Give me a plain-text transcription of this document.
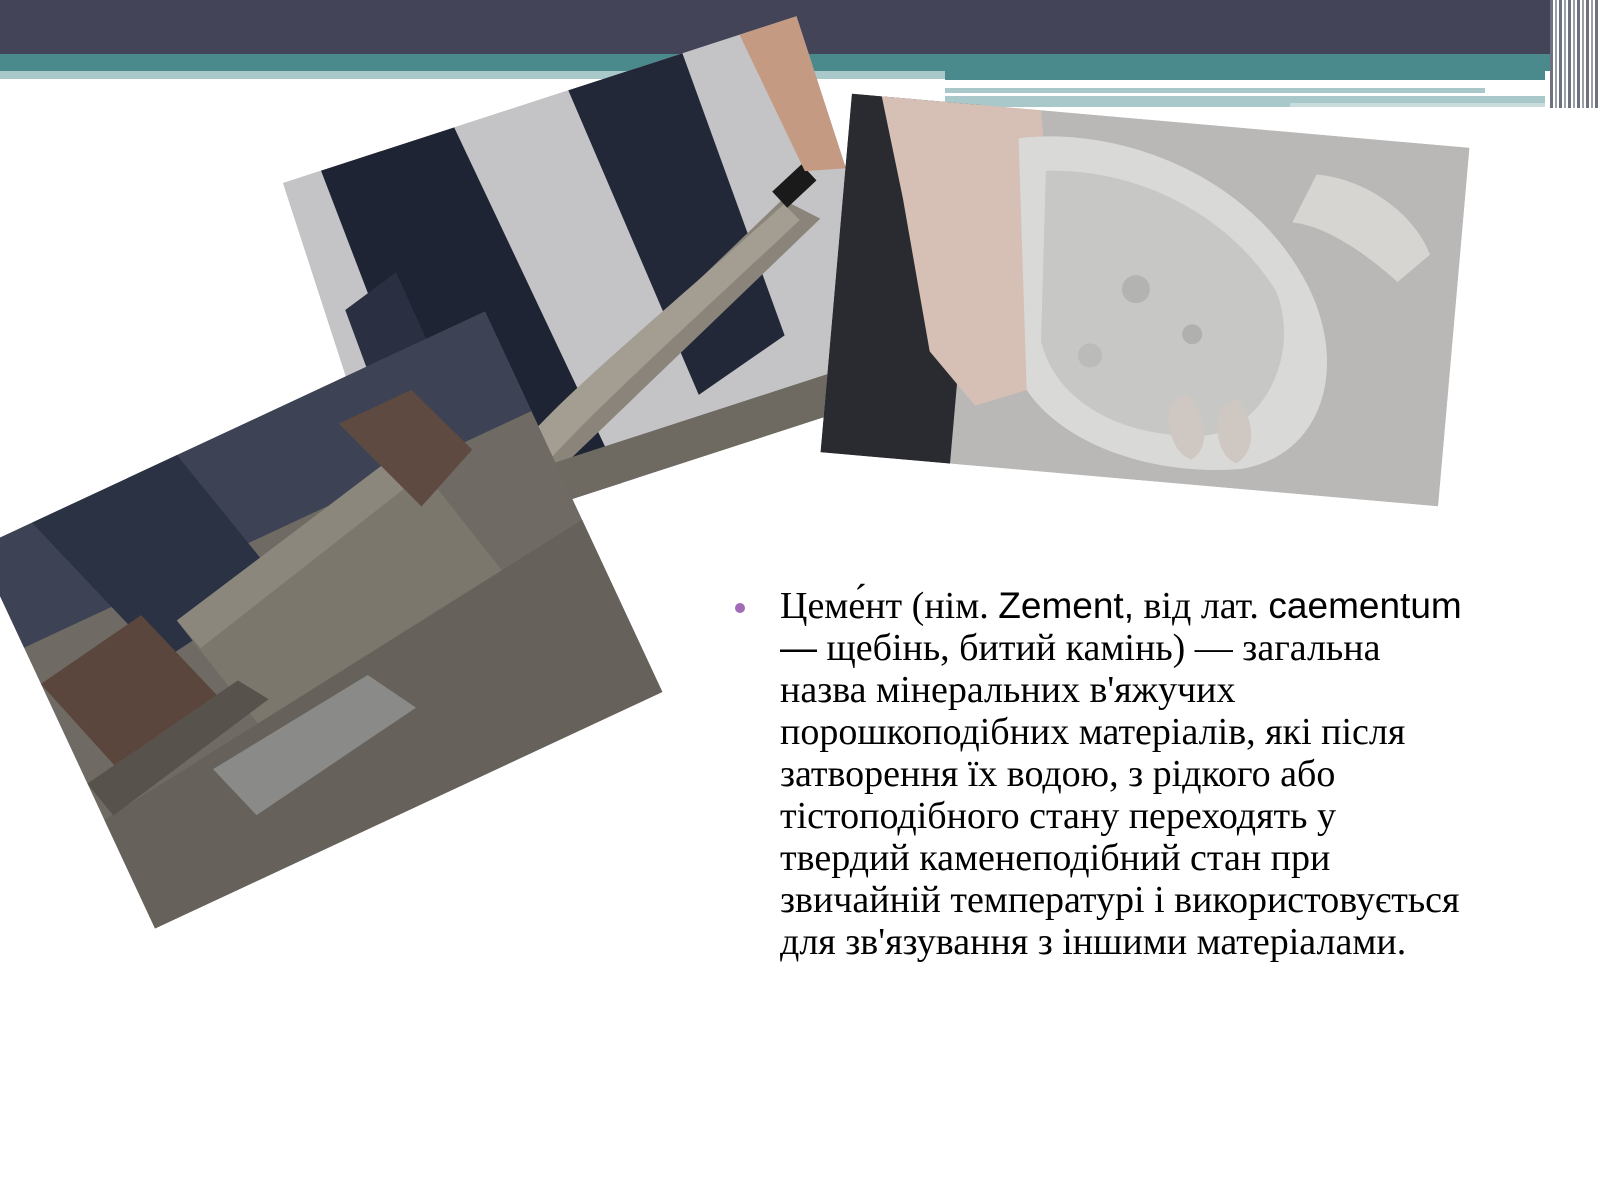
Цеме́нт (нім. Zement, від лат. caementum — щебінь, битий камінь) — загальна назва мінеральних в'яжучих порошкоподібних матеріалів, які після затворення їх водою, з рідкого або тістоподібного стану переходять у твердий каменеподібний стан при звичайній температурі і використовується для зв'язування з іншими матеріалами.
